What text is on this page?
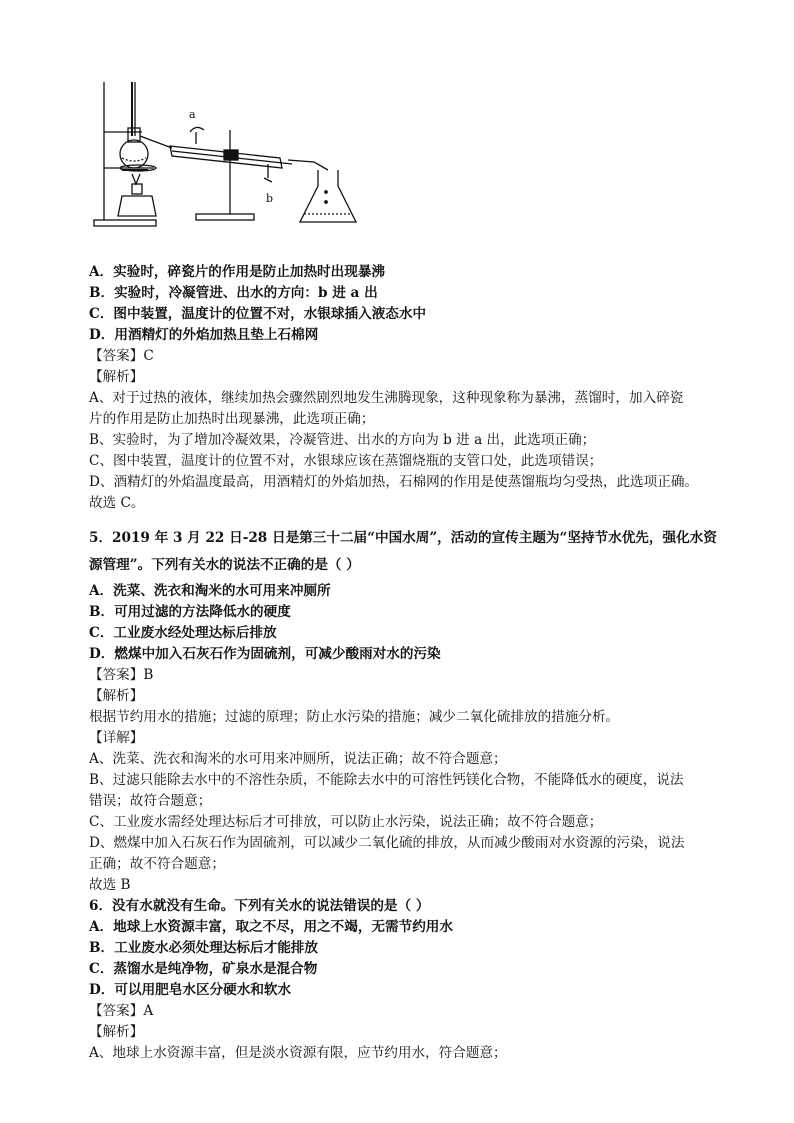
a
b
A．实验时，碎瓷片的作用是防止加热时出现暴沸
B．实验时，冷凝管进、出水的方向：b 进 a 出
C．图中装置，温度计的位置不对，水银球插入液态水中
D．用酒精灯的外焰加热且垫上石棉网
【答案】C
【解析】
A、对于过热的液体，继续加热会骤然剧烈地发生沸腾现象，这种现象称为暴沸，蒸馏时，加入碎瓷
片的作用是防止加热时出现暴沸，此选项正确；
B、实验时，为了增加冷凝效果，冷凝管进、出水的方向为 b 进 a 出，此选项正确；
C、图中装置，温度计的位置不对，水银球应该在蒸馏烧瓶的支管口处，此选项错误；
D、酒精灯的外焰温度最高，用酒精灯的外焰加热，石棉网的作用是使蒸馏瓶均匀受热，此选项正确。
故选 C。
5．2019 年 3 月 22 日-28 日是第三十二届“中国水周”，活动的宣传主题为“坚持节水优先，强化水资
源管理”。下列有关水的说法不正确的是（ ）
A．洗菜、洗衣和淘米的水可用来冲厕所
B．可用过滤的方法降低水的硬度
C．工业废水经处理达标后排放
D．燃煤中加入石灰石作为固硫剂，可减少酸雨对水的污染
【答案】B
【解析】
根据节约用水的措施；过滤的原理；防止水污染的措施；减少二氧化硫排放的措施分析。
【详解】
A、洗菜、洗衣和淘米的水可用来冲厕所，说法正确；故不符合题意；
B、过滤只能除去水中的不溶性杂质，不能除去水中的可溶性钙镁化合物，不能降低水的硬度，说法
错误；故符合题意；
C、工业废水需经处理达标后才可排放，可以防止水污染，说法正确；故不符合题意；
D、燃煤中加入石灰石作为固硫剂，可以减少二氧化硫的排放，从而减少酸雨对水资源的污染，说法
正确；故不符合题意；
故选 B
6．没有水就没有生命。下列有关水的说法错误的是（ ）
A．地球上水资源丰富，取之不尽，用之不竭，无需节约用水
B．工业废水必须处理达标后才能排放
C．蒸馏水是纯净物，矿泉水是混合物
D．可以用肥皂水区分硬水和软水
【答案】A
【解析】
A、地球上水资源丰富，但是淡水资源有限，应节约用水，符合题意；
